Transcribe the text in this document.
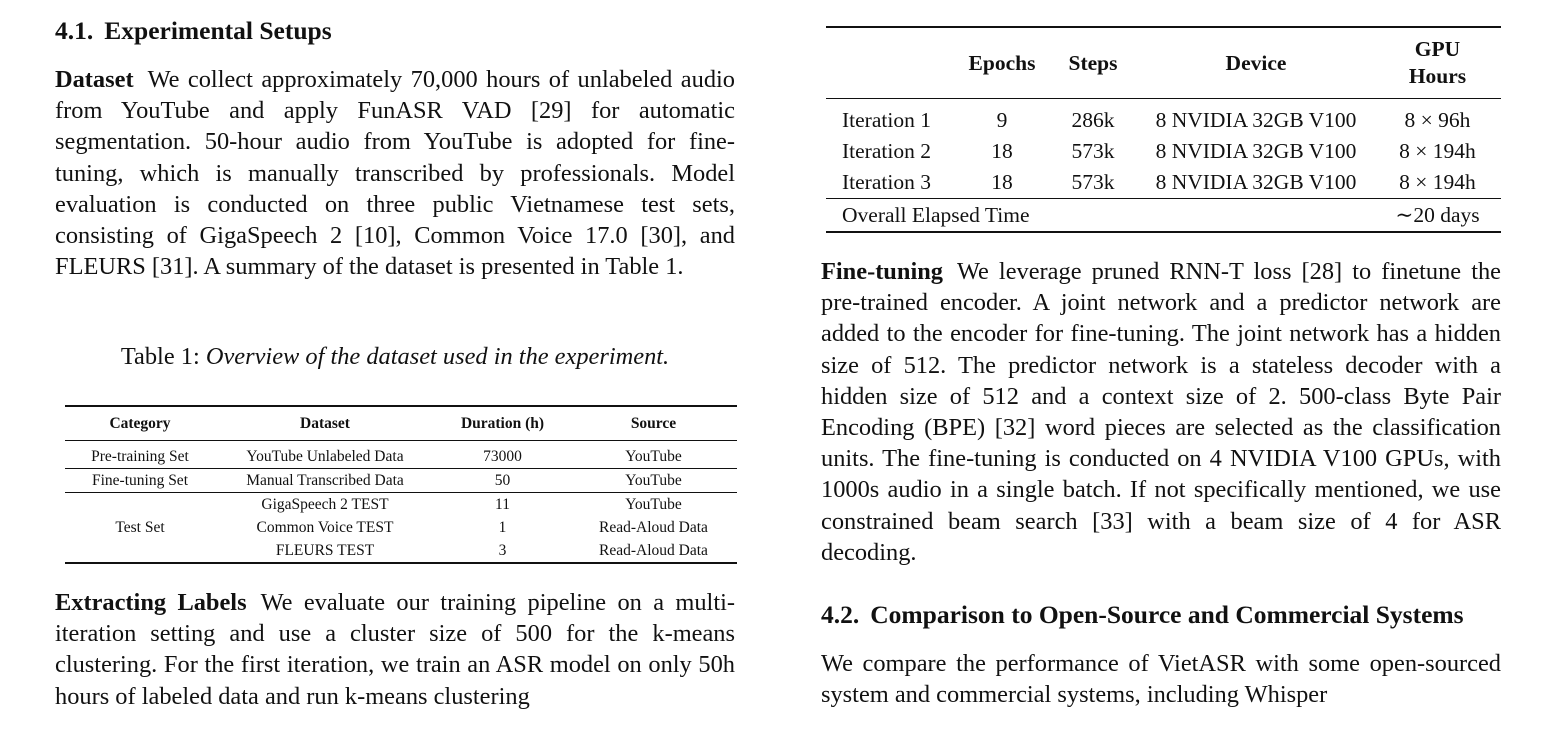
4.1. Experimental Setups
Dataset We collect approximately 70,000 hours of unlabeled audio from YouTube and apply FunASR VAD [29] for automatic segmentation. 50-hour audio from YouTube is adopted for fine-tuning, which is manually transcribed by professionals. Model evaluation is conducted on three public Vietnamese test sets, consisting of GigaSpeech 2 [10], Common Voice 17.0 [30], and FLEURS [31]. A summary of the dataset is presented in Table 1.
Table 1: Overview of the dataset used in the experiment.
Category	Dataset	Duration (h)	Source
Pre-training Set	YouTube Unlabeled Data	73000	YouTube
Fine-tuning Set	Manual Transcribed Data	50	YouTube
Test Set	GigaSpeech 2 TEST	11	YouTube
	Common Voice TEST	1	Read-Aloud Data
	FLEURS TEST	3	Read-Aloud Data
Extracting Labels We evaluate our training pipeline on a multi-iteration setting and use a cluster size of 500 for the k-means clustering. For the first iteration, we train an ASR model on only 50h hours of labeled data and run k-means clustering
	Epochs	Steps	Device	GPU Hours
Iteration 1	9	286k	8 NVIDIA 32GB V100	8 × 96h
Iteration 2	18	573k	8 NVIDIA 32GB V100	8 × 194h
Iteration 3	18	573k	8 NVIDIA 32GB V100	8 × 194h
Overall Elapsed Time				∼20 days
Fine-tuning We leverage pruned RNN-T loss [28] to finetune the pre-trained encoder. A joint network and a predictor network are added to the encoder for fine-tuning. The joint network has a hidden size of 512. The predictor network is a stateless decoder with a hidden size of 512 and a context size of 2. 500-class Byte Pair Encoding (BPE) [32] word pieces are selected as the classification units. The fine-tuning is conducted on 4 NVIDIA V100 GPUs, with 1000s audio in a single batch. If not specifically mentioned, we use constrained beam search [33] with a beam size of 4 for ASR decoding.
4.2. Comparison to Open-Source and Commercial Systems
We compare the performance of VietASR with some open-sourced system and commercial systems, including Whisper
